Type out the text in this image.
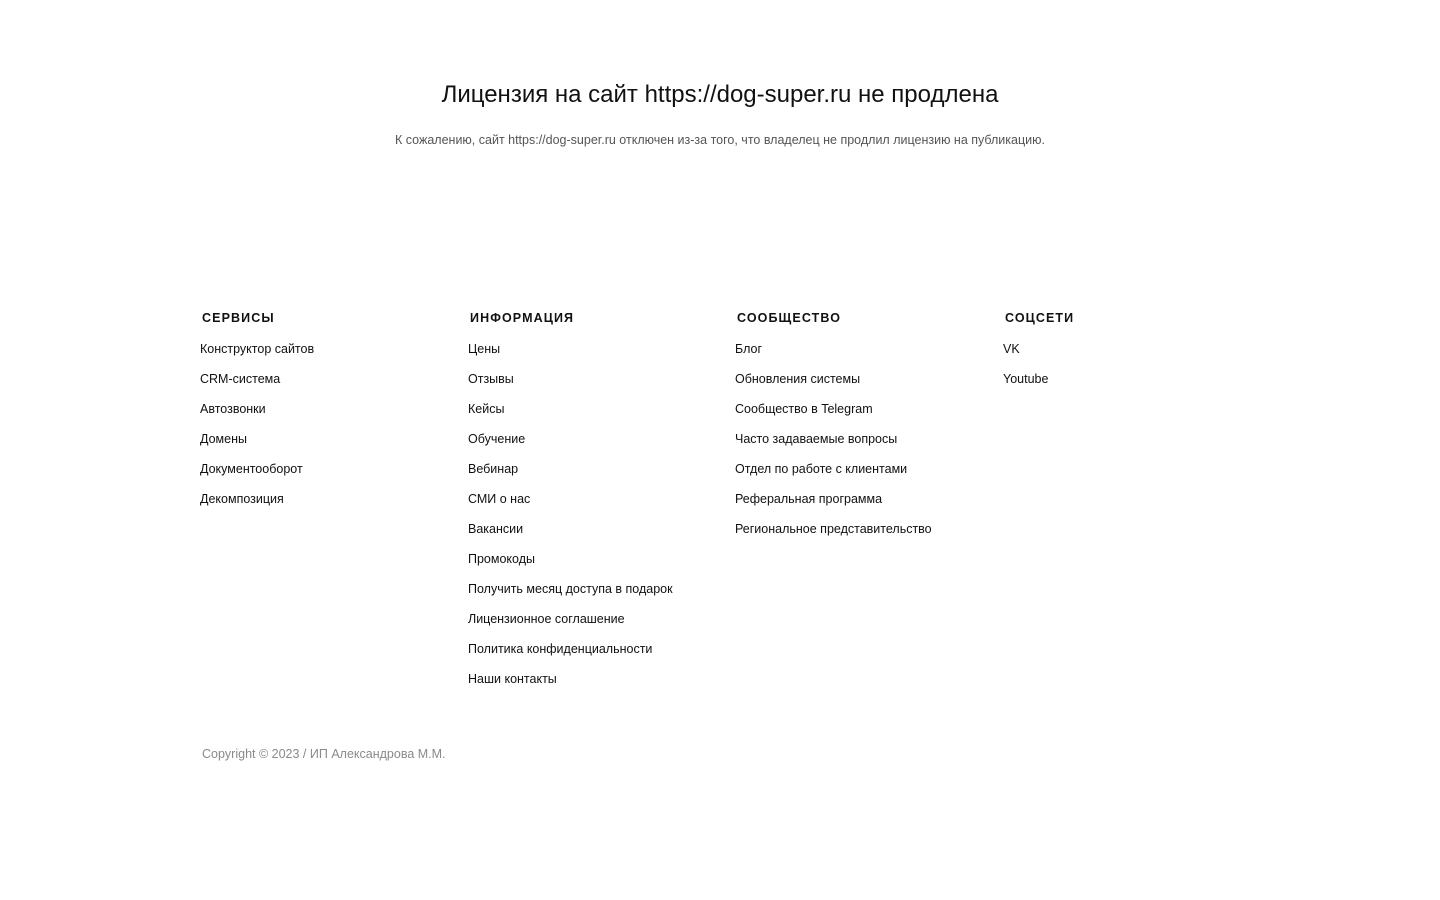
Лицензия на сайт https://dog-super.ru не продлена

К сожалению, сайт https://dog-super.ru отключен из-за того, что владелец не продлил лицензию на публикацию.

СЕРВИСЫ
Конструктор сайтов
CRM-система
Автозвонки
Домены
Документооборот
Декомпозиция
ИНФОРМАЦИЯ
Цены
Отзывы
Кейсы
Обучение
Вебинар
СМИ о нас
Вакансии
Промокоды
Получить месяц доступа в подарок
Лицензионное соглашение
Политика конфиденциальности
Наши контакты
СООБЩЕСТВО
Блог
Обновления системы
Сообщество в Telegram
Часто задаваемые вопросы
Отдел по работе с клиентами
Реферальная программа
Региональное представительство
СОЦСЕТИ
VK
Youtube

Copyright © 2023 / ИП Александрова М.М.
